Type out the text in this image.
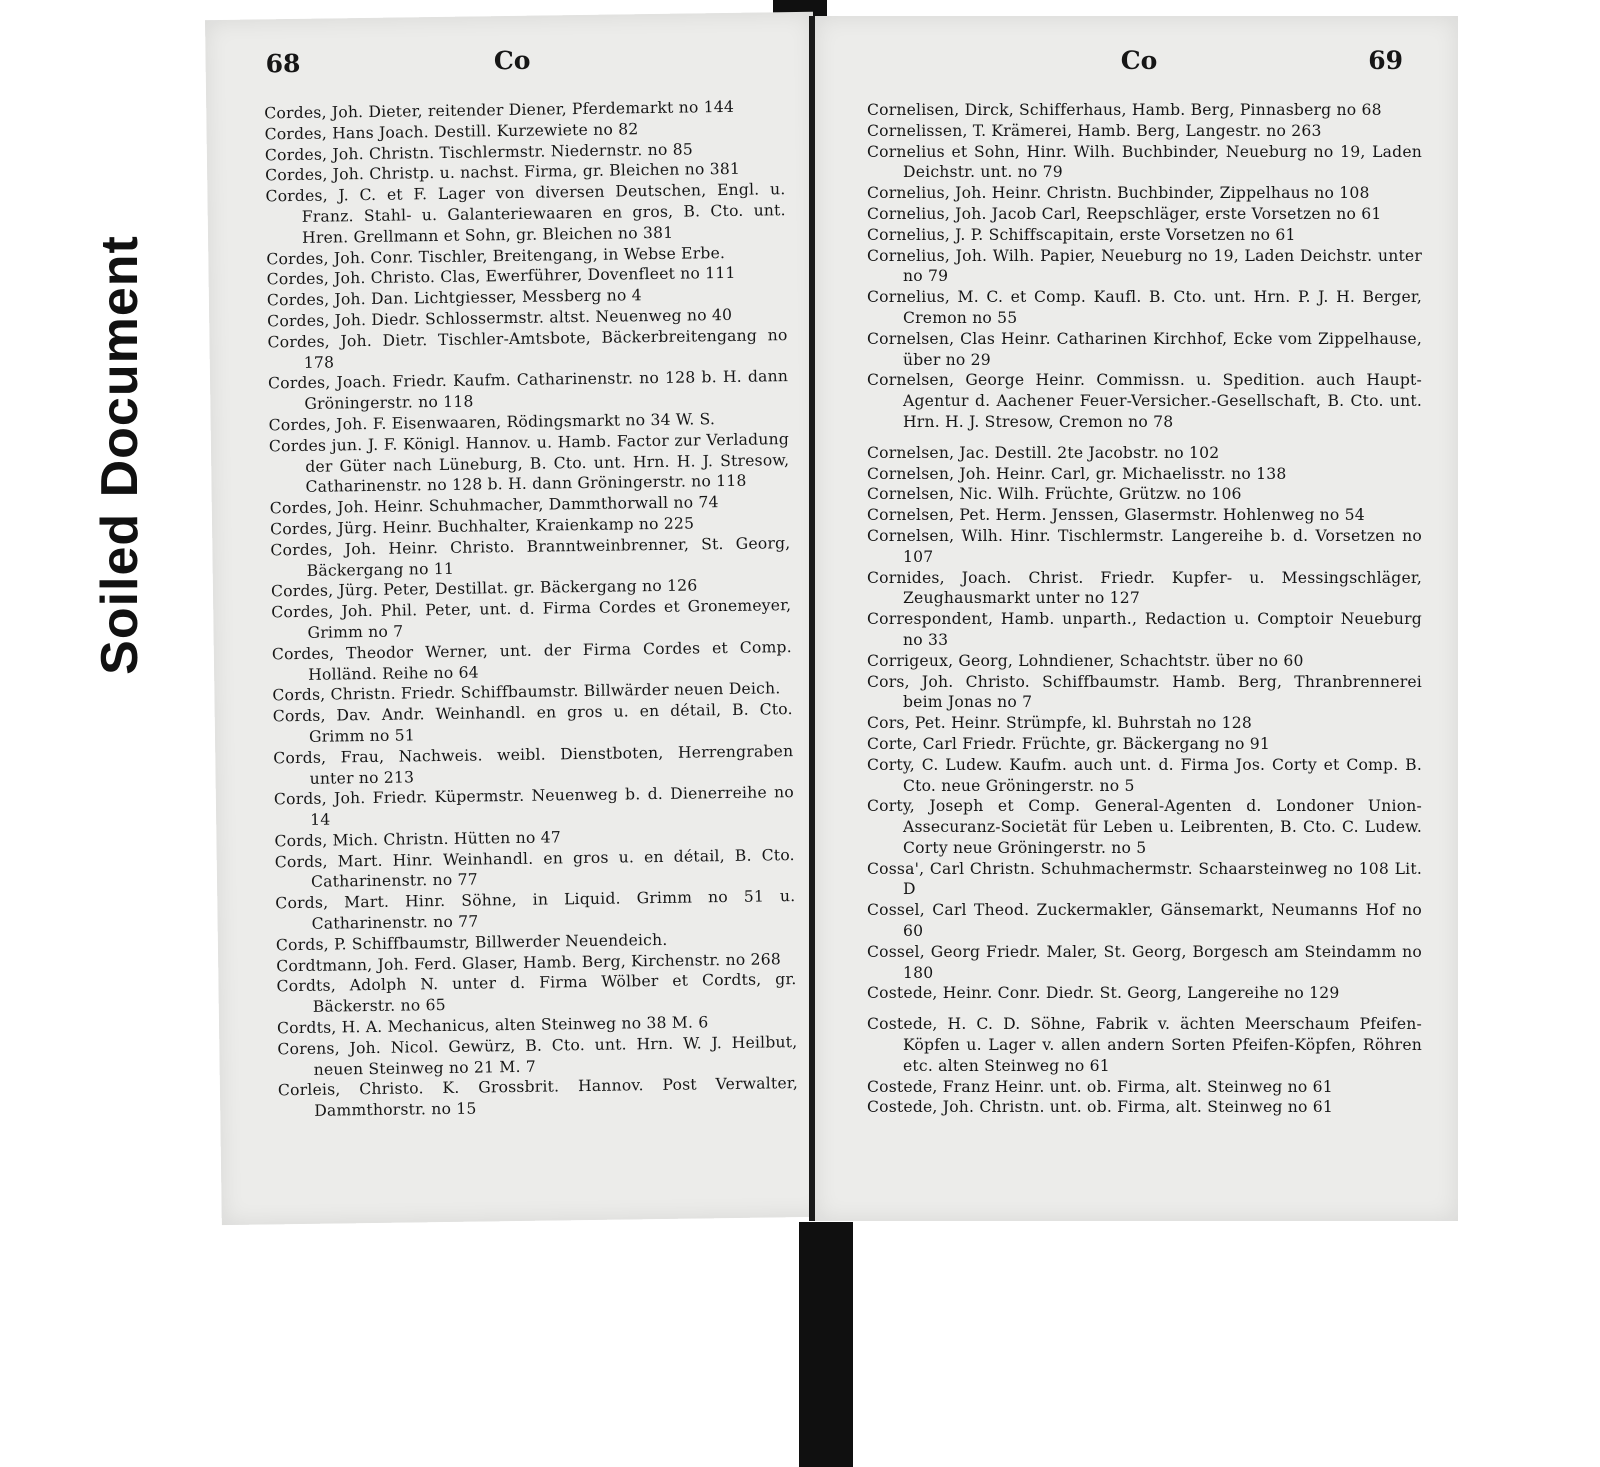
Soiled Document
68	Co
Cordes, Joh. Dieter, reitender Diener, Pferdemarkt no 144
Cordes, Hans Joach. Destill. Kurzewiete no 82
Cordes, Joh. Christn. Tischlermstr. Niedernstr. no 85
Cordes, Joh. Christp. u. nachst. Firma, gr. Bleichen no 381
Cordes, J. C. et F. Lager von diversen Deutschen, Engl. u. Franz. Stahl- u. Galanteriewaaren en gros, B. Cto. unt. Hren. Grellmann et Sohn, gr. Bleichen no 381
Cordes, Joh. Conr. Tischler, Breitengang, in Webse Erbe.
Cordes, Joh. Christo. Clas, Ewerführer, Dovenfleet no 111
Cordes, Joh. Dan. Lichtgiesser, Messberg no 4
Cordes, Joh. Diedr. Schlossermstr. altst. Neuenweg no 40
Cordes, Joh. Dietr. Tischler-Amtsbote, Bäckerbreitengang no 178
Cordes, Joach. Friedr. Kaufm. Catharinenstr. no 128 b. H. dann Gröningerstr. no 118
Cordes, Joh. F. Eisenwaaren, Rödingsmarkt no 34 W. S.
Cordes jun. J. F. Königl. Hannov. u. Hamb. Factor zur Verladung der Güter nach Lüneburg, B. Cto. unt. Hrn. H. J. Stresow, Catharinenstr. no 128 b. H. dann Gröningerstr. no 118
Cordes, Joh. Heinr. Schuhmacher, Dammthorwall no 74
Cordes, Jürg. Heinr. Buchhalter, Kraienkamp no 225
Cordes, Joh. Heinr. Christo. Branntweinbrenner, St. Georg, Bäckergang no 11
Cordes, Jürg. Peter, Destillat. gr. Bäckergang no 126
Cordes, Joh. Phil. Peter, unt. d. Firma Cordes et Gronemeyer, Grimm no 7
Cordes, Theodor Werner, unt. der Firma Cordes et Comp. Holländ. Reihe no 64
Cords, Christn. Friedr. Schiffbaumstr. Billwärder neuen Deich.
Cords, Dav. Andr. Weinhandl. en gros u. en détail, B. Cto. Grimm no 51
Cords, Frau, Nachweis. weibl. Dienstboten, Herrengraben unter no 213
Cords, Joh. Friedr. Küpermstr. Neuenweg b. d. Dienerreihe no 14
Cords, Mich. Christn. Hütten no 47
Cords, Mart. Hinr. Weinhandl. en gros u. en détail, B. Cto. Catharinenstr. no 77
Cords, Mart. Hinr. Söhne, in Liquid. Grimm no 51 u. Catharinenstr. no 77
Cords, P. Schiffbaumstr, Billwerder Neuendeich.
Cordtmann, Joh. Ferd. Glaser, Hamb. Berg, Kirchenstr. no 268
Cordts, Adolph N. unter d. Firma Wölber et Cordts, gr. Bäckerstr. no 65
Cordts, H. A. Mechanicus, alten Steinweg no 38 M. 6
Corens, Joh. Nicol. Gewürz, B. Cto. unt. Hrn. W. J. Heilbut, neuen Steinweg no 21 M. 7
Corleis, Christo. K. Grossbrit. Hannov. Post Verwalter, Dammthorstr. no 15
Co	69
Cornelisen, Dirck, Schifferhaus, Hamb. Berg, Pinnasberg no 68
Cornelissen, T. Krämerei, Hamb. Berg, Langestr. no 263
Cornelius et Sohn, Hinr. Wilh. Buchbinder, Neueburg no 19, Laden Deichstr. unt. no 79
Cornelius, Joh. Heinr. Christn. Buchbinder, Zippelhaus no 108
Cornelius, Joh. Jacob Carl, Reepschläger, erste Vorsetzen no 61
Cornelius, J. P. Schiffscapitain, erste Vorsetzen no 61
Cornelius, Joh. Wilh. Papier, Neueburg no 19, Laden Deichstr. unter no 79
Cornelius, M. C. et Comp. Kaufl. B. Cto. unt. Hrn. P. J. H. Berger, Cremon no 55
Cornelsen, Clas Heinr. Catharinen Kirchhof, Ecke vom Zippelhause, über no 29
Cornelsen, George Heinr. Commissn. u. Spedition. auch Haupt-Agentur d. Aachener Feuer-Versicher.-Gesellschaft, B. Cto. unt. Hrn. H. J. Stresow, Cremon no 78
Cornelsen, Jac. Destill. 2te Jacobstr. no 102
Cornelsen, Joh. Heinr. Carl, gr. Michaelisstr. no 138
Cornelsen, Nic. Wilh. Früchte, Grützw. no 106
Cornelsen, Pet. Herm. Jenssen, Glasermstr. Hohlenweg no 54
Cornelsen, Wilh. Hinr. Tischlermstr. Langereihe b. d. Vorsetzen no 107
Cornides, Joach. Christ. Friedr. Kupfer- u. Messingschläger, Zeughausmarkt unter no 127
Correspondent, Hamb. unparth., Redaction u. Comptoir Neueburg no 33
Corrigeux, Georg, Lohndiener, Schachtstr. über no 60
Cors, Joh. Christo. Schiffbaumstr. Hamb. Berg, Thranbrennerei beim Jonas no 7
Cors, Pet. Heinr. Strümpfe, kl. Buhrstah no 128
Corte, Carl Friedr. Früchte, gr. Bäckergang no 91
Corty, C. Ludew. Kaufm. auch unt. d. Firma Jos. Corty et Comp. B. Cto. neue Gröningerstr. no 5
Corty, Joseph et Comp. General-Agenten d. Londoner Union-Assecuranz-Societät für Leben u. Leibrenten, B. Cto. C. Ludew. Corty neue Gröningerstr. no 5
Cossa', Carl Christn. Schuhmachermstr. Schaarsteinweg no 108 Lit. D
Cossel, Carl Theod. Zuckermakler, Gänsemarkt, Neumanns Hof no 60
Cossel, Georg Friedr. Maler, St. Georg, Borgesch am Steindamm no 180
Costede, Heinr. Conr. Diedr. St. Georg, Langereihe no 129
Costede, H. C. D. Söhne, Fabrik v. ächten Meerschaum Pfeifen-Köpfen u. Lager v. allen andern Sorten Pfeifen-Köpfen, Röhren etc. alten Steinweg no 61
Costede, Franz Heinr. unt. ob. Firma, alt. Steinweg no 61
Costede, Joh. Christn. unt. ob. Firma, alt. Steinweg no 61
